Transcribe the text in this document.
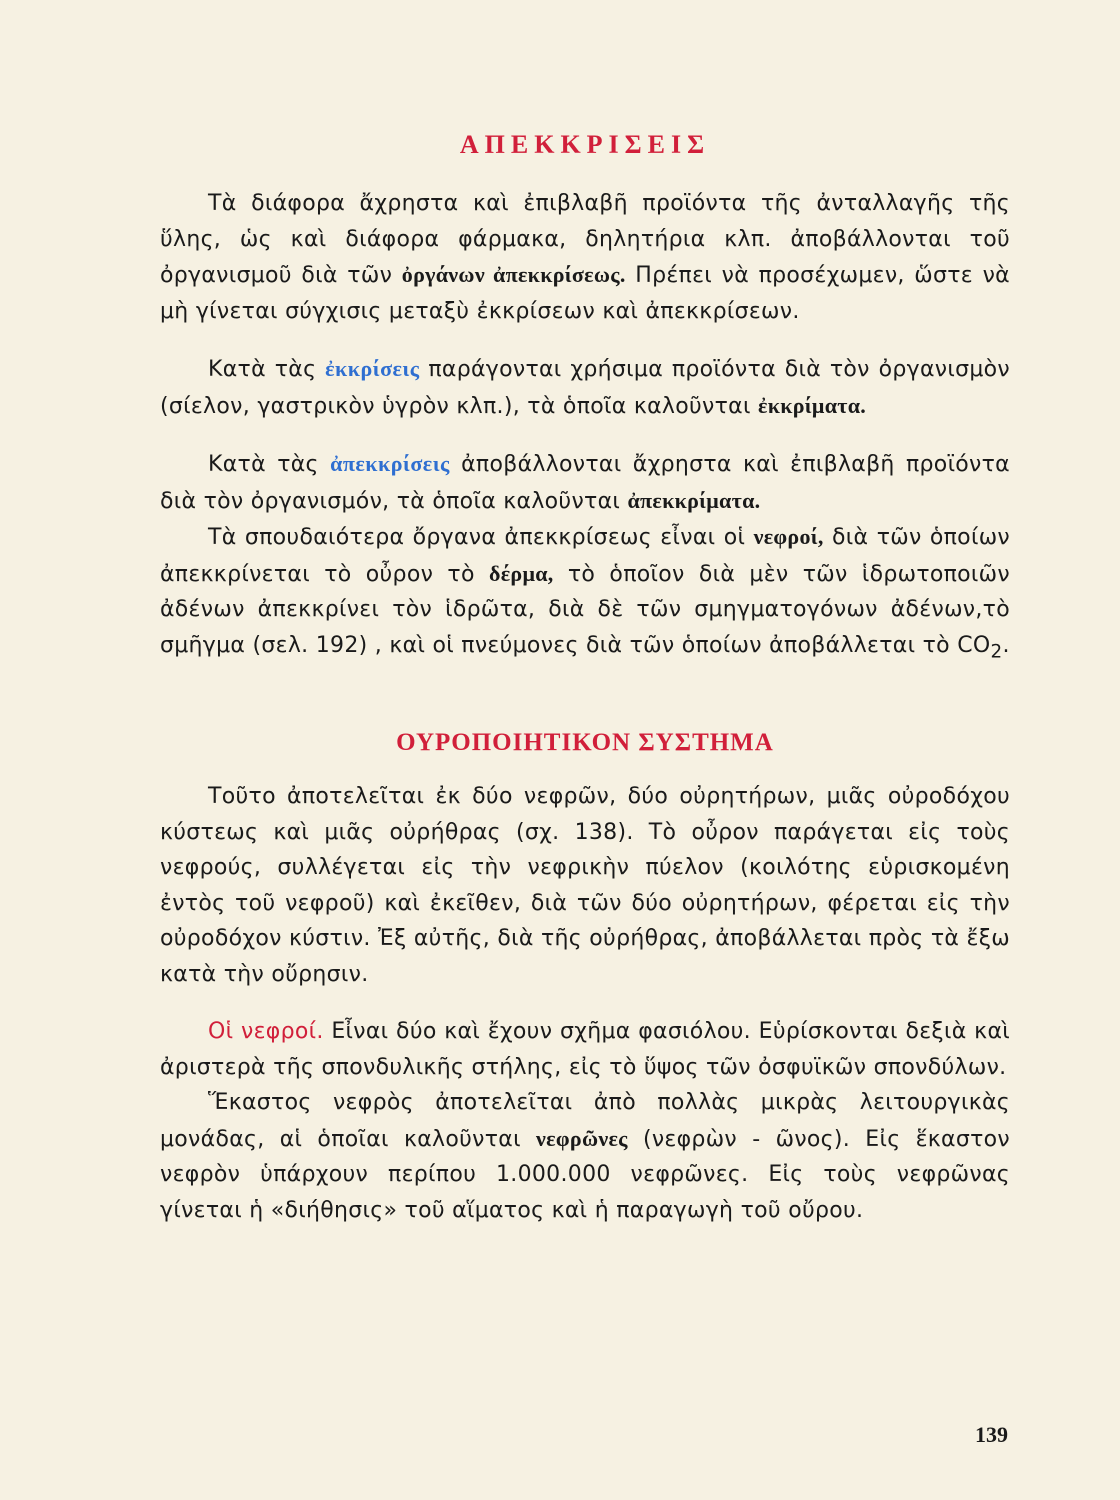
ΑΠΕΚΚΡΙΣΕΙΣ

Τὰ διάφορα ἄχρηστα καὶ ἐπιβλαβῆ προϊόντα τῆς ἀνταλλαγῆς τῆς ὕλης, ὡς καὶ διάφορα φάρμακα, δηλητήρια κλπ. ἀποβάλλονται τοῦ ὀργανισμοῦ διὰ τῶν ὀργάνων ἀπεκκρίσεως. Πρέπει νὰ προσέχωμεν, ὥστε νὰ μὴ γίνεται σύγχισις μεταξὺ ἐκκρίσεων καὶ ἀπεκκρίσεων.

Κατὰ τὰς ἐκκρίσεις παράγονται χρήσιμα προϊόντα διὰ τὸν ὀργανισμὸν (σίελον, γαστρικὸν ὑγρὸν κλπ.), τὰ ὁποῖα καλοῦνται ἐκκρίματα.

Κατὰ τὰς ἀπεκκρίσεις ἀποβάλλονται ἄχρηστα καὶ ἐπιβλαβῆ προϊόντα διὰ τὸν ὀργανισμόν, τὰ ὁποῖα καλοῦνται ἀπεκκρίματα.

Τὰ σπουδαιότερα ὄργανα ἀπεκκρίσεως εἶναι οἱ νεφροί, διὰ τῶν ὁποίων ἀπεκκρίνεται τὸ οὖρον τὸ δέρμα, τὸ ὁποῖον διὰ μὲν τῶν ἱδρωτοποιῶν ἀδένων ἀπεκκρίνει τὸν ἱδρῶτα, διὰ δὲ τῶν σμηγματογόνων ἀδένων,τὸ σμῆγμα (σελ. 192) , καὶ οἱ πνεύμονες διὰ τῶν ὁποίων ἀποβάλλεται τὸ $CO_2$.

ΟΥΡΟΠΟΙΗΤΙΚΟΝ ΣΥΣΤΗΜΑ

Τοῦτο ἀποτελεῖται ἐκ δύο νεφρῶν, δύο οὐρητήρων, μιᾶς οὐροδόχου κύστεως καὶ μιᾶς οὐρήθρας (σχ. 138). Τὸ οὖρον παράγεται εἰς τοὺς νεφρούς, συλλέγεται εἰς τὴν νεφρικὴν πύελον (κοιλότης εὑρισκομένη ἐντὸς τοῦ νεφροῦ) καὶ ἐκεῖθεν, διὰ τῶν δύο οὐρητήρων, φέρεται εἰς τὴν οὐροδόχον κύστιν. Ἐξ αὐτῆς, διὰ τῆς οὐρήθρας, ἀποβάλλεται πρὸς τὰ ἔξω κατὰ τὴν οὔρησιν.

Οἱ νεφροί. Εἶναι δύο καὶ ἔχουν σχῆμα φασιόλου. Εὑρίσκονται δεξιὰ καὶ ἀριστερὰ τῆς σπονδυλικῆς στήλης, εἰς τὸ ὕψος τῶν ὀσφυϊκῶν σπονδύλων.

Ἕκαστος νεφρὸς ἀποτελεῖται ἀπὸ πολλὰς μικρὰς λειτουργικὰς μονάδας, αἱ ὁποῖαι καλοῦνται νεφρῶνες (νεφρὼν - ῶνος). Εἰς ἕκαστον νεφρὸν ὑπάρχουν περίπου 1.000.000 νεφρῶνες. Εἰς τοὺς νεφρῶνας γίνεται ἡ «διήθησις» τοῦ αἵματος καὶ ἡ παραγωγὴ τοῦ οὔρου.

139
